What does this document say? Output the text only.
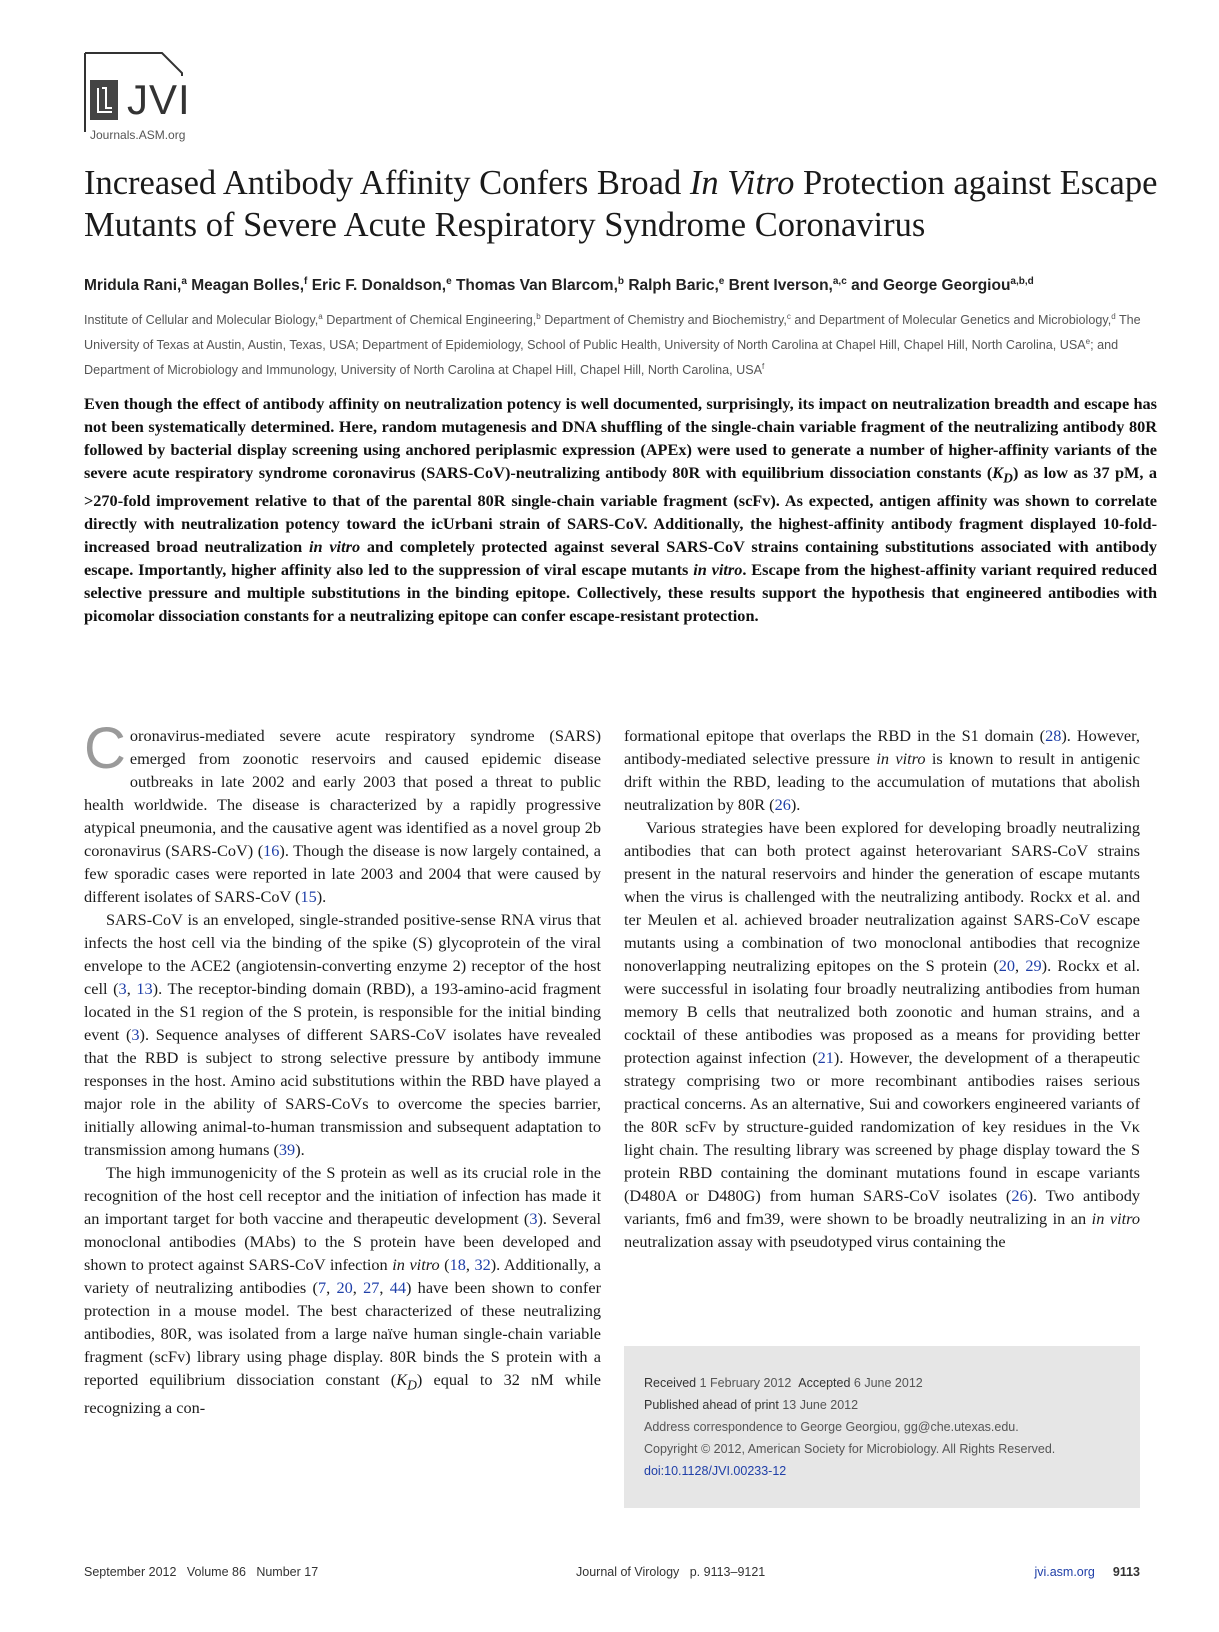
JVI
Journals.ASM.org
Increased Antibody Affinity Confers Broad In Vitro Protection against Escape Mutants of Severe Acute Respiratory Syndrome Coronavirus
Mridula Rani,$^a$ Meagan Bolles,$^f$ Eric F. Donaldson,$^e$ Thomas Van Blarcom,$^b$ Ralph Baric,$^e$ Brent Iverson,$^{a,c}$ and George Georgiou$^{a,b,d}$
Institute of Cellular and Molecular Biology,$^a$ Department of Chemical Engineering,$^b$ Department of Chemistry and Biochemistry,$^c$ and Department of Molecular Genetics and Microbiology,$^d$ The University of Texas at Austin, Austin, Texas, USA; Department of Epidemiology, School of Public Health, University of North Carolina at Chapel Hill, Chapel Hill, North Carolina, USA$^e$; and Department of Microbiology and Immunology, University of North Carolina at Chapel Hill, Chapel Hill, North Carolina, USA$^f$
Even though the effect of antibody affinity on neutralization potency is well documented, surprisingly, its impact on neutralization breadth and escape has not been systematically determined. Here, random mutagenesis and DNA shuffling of the single-chain variable fragment of the neutralizing antibody 80R followed by bacterial display screening using anchored periplasmic expression (APEx) were used to generate a number of higher-affinity variants of the severe acute respiratory syndrome coronavirus (SARS-CoV)-neutralizing antibody 80R with equilibrium dissociation constants $(K_D)$ as low as 37 pM, a >270-fold improvement relative to that of the parental 80R single-chain variable fragment (scFv). As expected, antigen affinity was shown to correlate directly with neutralization potency toward the icUrbani strain of SARS-CoV. Additionally, the highest-affinity antibody fragment displayed 10-fold-increased broad neutralization in vitro and completely protected against several SARS-CoV strains containing substitutions associated with antibody escape. Importantly, higher affinity also led to the suppression of viral escape mutants in vitro. Escape from the highest-affinity variant required reduced selective pressure and multiple substitutions in the binding epitope. Collectively, these results support the hypothesis that engineered antibodies with picomolar dissociation constants for a neutralizing epitope can confer escape-resistant protection.

Coronavirus-mediated severe acute respiratory syndrome (SARS) emerged from zoonotic reservoirs and caused epidemic disease outbreaks in late 2002 and early 2003 that posed a threat to public health worldwide. The disease is characterized by a rapidly progressive atypical pneumonia, and the causative agent was identified as a novel group 2b coronavirus (SARS-CoV) (16). Though the disease is now largely contained, a few sporadic cases were reported in late 2003 and 2004 that were caused by different isolates of SARS-CoV (15).

SARS-CoV is an enveloped, single-stranded positive-sense RNA virus that infects the host cell via the binding of the spike (S) glycoprotein of the viral envelope to the ACE2 (angiotensin-converting enzyme 2) receptor of the host cell (3, 13). The receptor-binding domain (RBD), a 193-amino-acid fragment located in the S1 region of the S protein, is responsible for the initial binding event (3). Sequence analyses of different SARS-CoV isolates have revealed that the RBD is subject to strong selective pressure by antibody immune responses in the host. Amino acid substitutions within the RBD have played a major role in the ability of SARS-CoVs to overcome the species barrier, initially allowing animal-to-human transmission and subsequent adaptation to transmission among humans (39).

The high immunogenicity of the S protein as well as its crucial role in the recognition of the host cell receptor and the initiation of infection has made it an important target for both vaccine and therapeutic development (3). Several monoclonal antibodies (MAbs) to the S protein have been developed and shown to protect against SARS-CoV infection in vitro (18, 32). Additionally, a variety of neutralizing antibodies (7, 20, 27, 44) have been shown to confer protection in a mouse model. The best characterized of these neutralizing antibodies, 80R, was isolated from a large naïve human single-chain variable fragment (scFv) library using phage display. 80R binds the S protein with a reported equilibrium dissociation constant $(K_D)$ equal to 32 nM while recognizing a con-

formational epitope that overlaps the RBD in the S1 domain (28). However, antibody-mediated selective pressure in vitro is known to result in antigenic drift within the RBD, leading to the accumulation of mutations that abolish neutralization by 80R (26).

Various strategies have been explored for developing broadly neutralizing antibodies that can both protect against heterovariant SARS-CoV strains present in the natural reservoirs and hinder the generation of escape mutants when the virus is challenged with the neutralizing antibody. Rockx et al. and ter Meulen et al. achieved broader neutralization against SARS-CoV escape mutants using a combination of two monoclonal antibodies that recognize nonoverlapping neutralizing epitopes on the S protein (20, 29). Rockx et al. were successful in isolating four broadly neutralizing antibodies from human memory B cells that neutralized both zoonotic and human strains, and a cocktail of these antibodies was proposed as a means for providing better protection against infection (21). However, the development of a therapeutic strategy comprising two or more recombinant antibodies raises serious practical concerns. As an alternative, Sui and coworkers engineered variants of the 80R scFv by structure-guided randomization of key residues in the Vκ light chain. The resulting library was screened by phage display toward the S protein RBD containing the dominant mutations found in escape variants (D480A or D480G) from human SARS-CoV isolates (26). Two antibody variants, fm6 and fm39, were shown to be broadly neutralizing in an in vitro neutralization assay with pseudotyped virus containing the

Received 1 February 2012 Accepted 6 June 2012
Published ahead of print 13 June 2012
Address correspondence to George Georgiou, gg@che.utexas.edu.
Copyright © 2012, American Society for Microbiology. All Rights Reserved.
doi:10.1128/JVI.00233-12
September 2012   Volume 86   Number 17	Journal of Virology   p. 9113–9121	jvi.asm.org 9113
